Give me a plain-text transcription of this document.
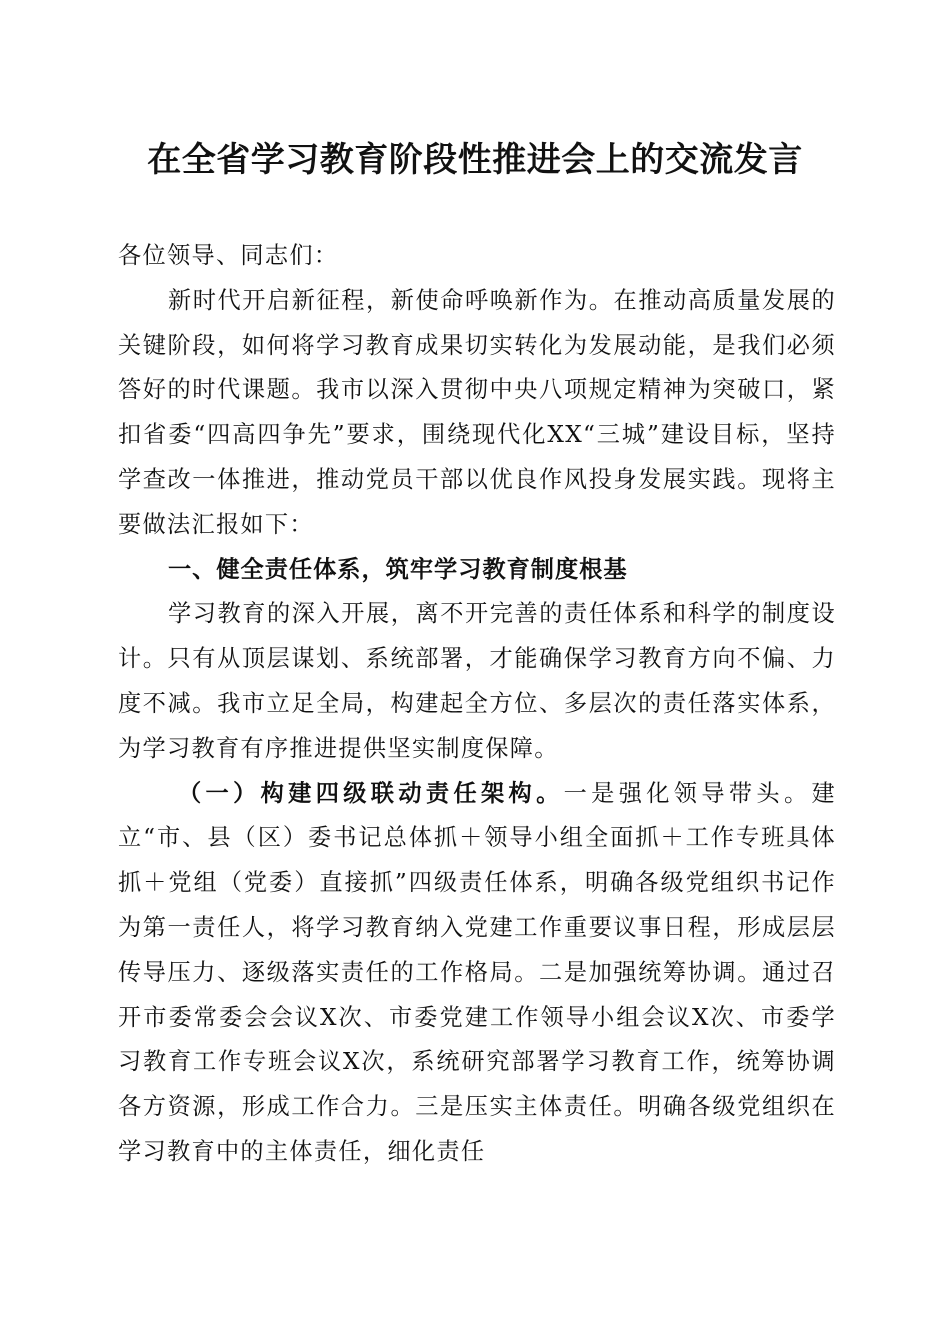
在全省学习教育阶段性推进会上的交流发言

各位领导、同志们：

新时代开启新征程，新使命呼唤新作为。在推动高质量发展的关键阶段，如何将学习教育成果切实转化为发展动能，是我们必须答好的时代课题。我市以深入贯彻中央八项规定精神为突破口，紧扣省委“四高四争先”要求，围绕现代化XX“三城”建设目标，坚持学查改一体推进，推动党员干部以优良作风投身发展实践。现将主要做法汇报如下：

一、健全责任体系，筑牢学习教育制度根基

学习教育的深入开展，离不开完善的责任体系和科学的制度设计。只有从顶层谋划、系统部署，才能确保学习教育方向不偏、力度不减。我市立足全局，构建起全方位、多层次的责任落实体系，为学习教育有序推进提供坚实制度保障。

（一）构建四级联动责任架构。一是强化领导带头。建立“市、县（区）委书记总体抓＋领导小组全面抓＋工作专班具体抓＋党组（党委）直接抓”四级责任体系，明确各级党组织书记作为第一责任人，将学习教育纳入党建工作重要议事日程，形成层层传导压力、逐级落实责任的工作格局。二是加强统筹协调。通过召开市委常委会会议X次、市委党建工作领导小组会议X次、市委学习教育工作专班会议X次，系统研究部署学习教育工作，统筹协调各方资源，形成工作合力。三是压实主体责任。明确各级党组织在学习教育中的主体责任，细化责任
